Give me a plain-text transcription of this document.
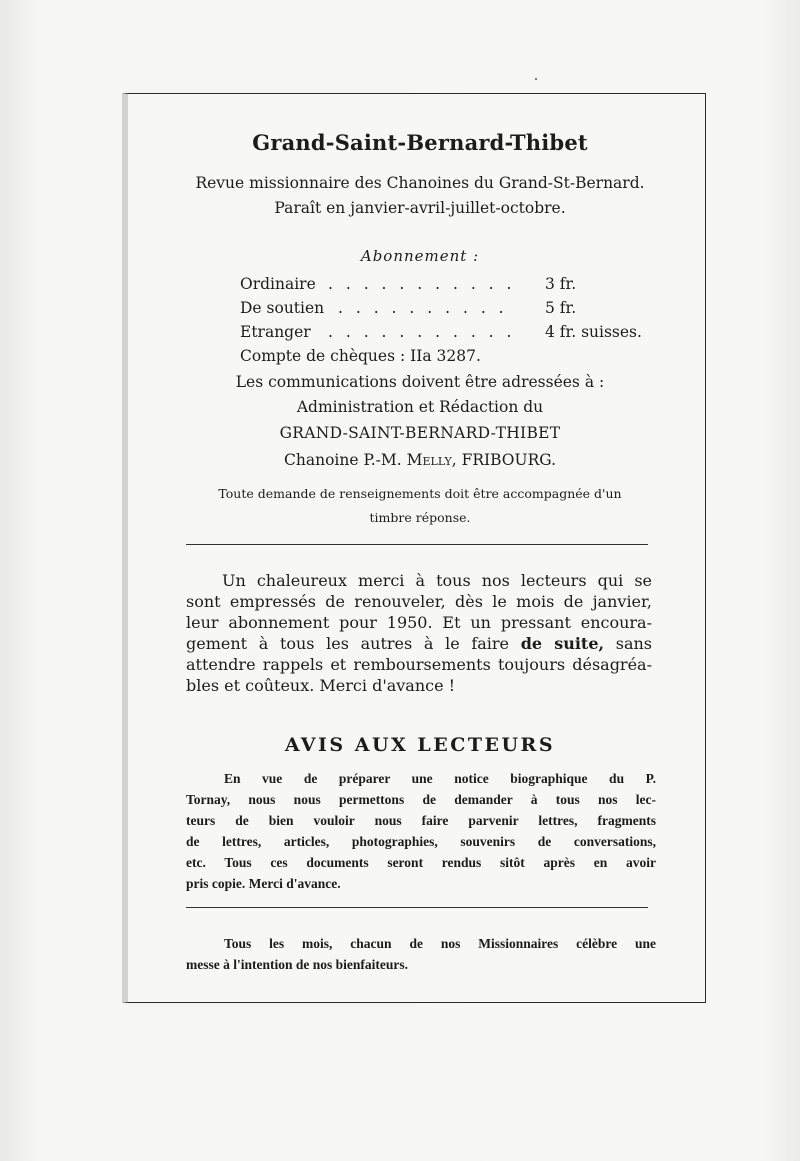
Grand-Saint-Bernard-Thibet
Revue missionnaire des Chanoines du Grand-St-Bernard.
Paraît en janvier-avril-juillet-octobre.
Abonnement :
Ordinaire . . . . . . . . . . . 3 fr.
De soutien . . . . . . . . . . 5 fr.
Etranger . . . . . . . . . . . 4 fr. suisses.
Compte de chèques : IIa 3287.
Les communications doivent être adressées à :
Administration et Rédaction du
GRAND-SAINT-BERNARD-THIBET
Chanoine P.-M. Melly, FRIBOURG.
Toute demande de renseignements doit être accompagnée d'un
timbre réponse.
Un chaleureux merci à tous nos lecteurs qui se
sont empressés de renouveler, dès le mois de janvier,
leur abonnement pour 1950. Et un pressant encoura-
gement à tous les autres à le faire de suite, sans
attendre rappels et remboursements toujours désagréa-
bles et coûteux. Merci d'avance !
AVIS AUX LECTEURS
En vue de préparer une notice biographique du P.
Tornay, nous nous permettons de demander à tous nos lec-
teurs de bien vouloir nous faire parvenir lettres, fragments
de lettres, articles, photographies, souvenirs de conversations,
etc. Tous ces documents seront rendus sitôt après en avoir
pris copie. Merci d'avance.
Tous les mois, chacun de nos Missionnaires célèbre une
messe à l'intention de nos bienfaiteurs.
